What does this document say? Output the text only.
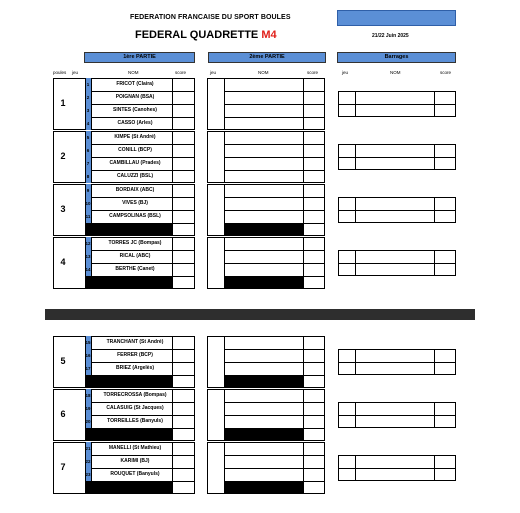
FEDERATION FRANCAISE DU SPORT BOULES
FEDERAL QUADRETTE M4	21/22 Juin 2025
1ère PARTIE	2ème PARTIE	Barrages
poules jeu	NOM	score	jeu	NOM	score	jeu	NOM	score
1
1	FRICOT (Claira)
2	POIGNAN (BSA)
3	SINTES (Canohes)
4	CASSO (Arles)
2
5	KIMPE (St André)
6	CONILL (BCP)
7	CAMBILLAU (Prades)
8	CALUZZI (BSL)
3
9	BORDAIX (ABC)
10	VIVES (BJ)
11	CAMPSOLINAS (BSL)
4
12	TORRES JC (Bompas)
13	RICAL (ABC)
14	BERTHE (Canet)
5
15	TRANCHANT (St André)
16	FERRER (BCP)
17	BRIEZ (Argelès)
6
18	TORRECROSSA (Bompas)
19	CALASUIG (St Jacques)
20	TORREILLES (Banyuls)
7
21	MANELLI (St Mathieu)
22	KARIMI (BJ)
23	ROUQUET (Banyuls)
